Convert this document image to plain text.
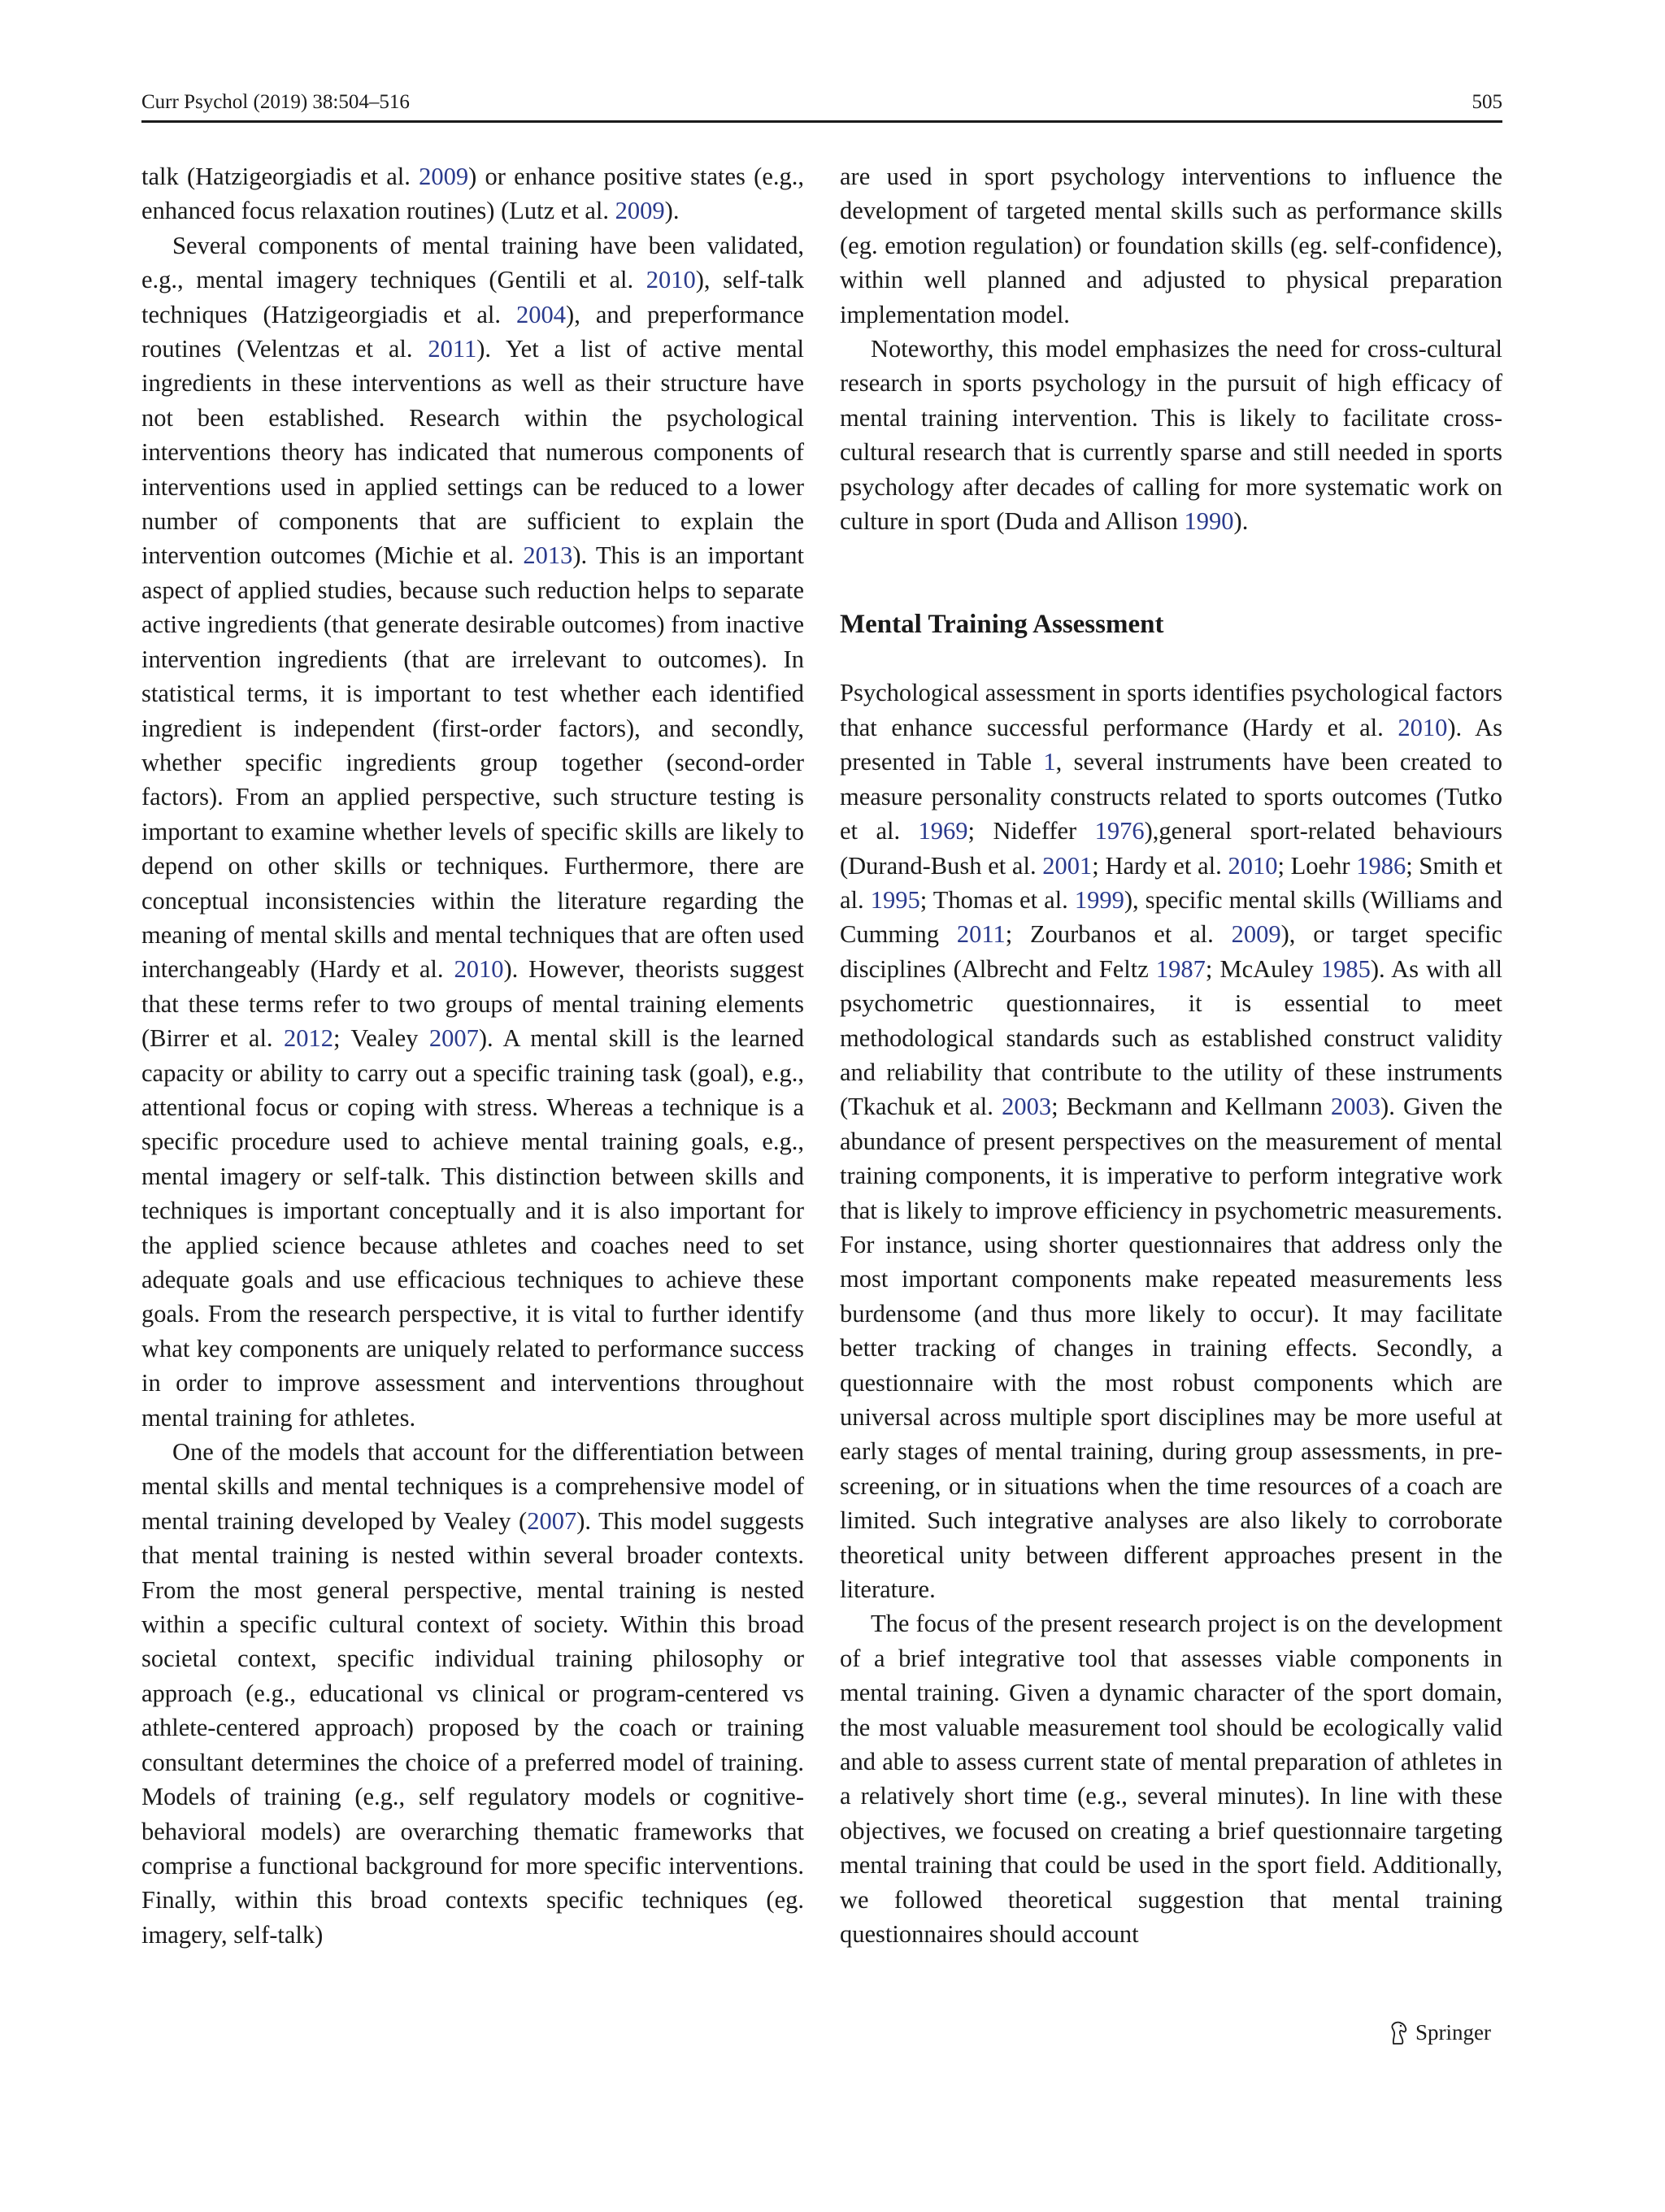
Curr Psychol (2019) 38:504–516	505

talk (Hatzigeorgiadis et al. 2009) or enhance positive states (e.g., enhanced focus relaxation routines) (Lutz et al. 2009).

Several components of mental training have been validated, e.g., mental imagery techniques (Gentili et al. 2010), self-talk techniques (Hatzigeorgiadis et al. 2004), and preperformance routines (Velentzas et al. 2011). Yet a list of active mental ingredients in these interventions as well as their structure have not been established. Research within the psychological interventions theory has indicated that numerous components of interventions used in applied settings can be reduced to a lower number of components that are sufficient to explain the intervention outcomes (Michie et al. 2013). This is an important aspect of applied studies, because such reduction helps to separate active ingredients (that generate desirable outcomes) from inactive intervention ingredients (that are irrelevant to outcomes). In statistical terms, it is important to test whether each identified ingredient is independent (first-order factors), and secondly, whether specific ingredients group together (second-order factors). From an applied perspective, such structure testing is important to examine whether levels of specific skills are likely to depend on other skills or techniques. Furthermore, there are conceptual inconsistencies within the literature regarding the meaning of mental skills and mental techniques that are often used interchangeably (Hardy et al. 2010). However, theorists suggest that these terms refer to two groups of mental training elements (Birrer et al. 2012; Vealey 2007). A mental skill is the learned capacity or ability to carry out a specific training task (goal), e.g., attentional focus or coping with stress. Whereas a technique is a specific procedure used to achieve mental training goals, e.g., mental imagery or self-talk. This distinction between skills and techniques is important conceptually and it is also important for the applied science because athletes and coaches need to set adequate goals and use efficacious techniques to achieve these goals. From the research perspective, it is vital to further identify what key components are uniquely related to performance success in order to improve assessment and interventions throughout mental training for athletes.

One of the models that account for the differentiation between mental skills and mental techniques is a comprehensive model of mental training developed by Vealey (2007). This model suggests that mental training is nested within several broader contexts. From the most general perspective, mental training is nested within a specific cultural context of society. Within this broad societal context, specific individual training philosophy or approach (e.g., educational vs clinical or program-centered vs athlete-centered approach) proposed by the coach or training consultant determines the choice of a preferred model of training. Models of training (e.g., self regulatory models or cognitive-behavioral models) are overarching thematic frameworks that comprise a functional background for more specific interventions. Finally, within this broad contexts specific techniques (eg. imagery, self-talk)

are used in sport psychology interventions to influence the development of targeted mental skills such as performance skills (eg. emotion regulation) or foundation skills (eg. self-confidence), within well planned and adjusted to physical preparation implementation model.

Noteworthy, this model emphasizes the need for cross-cultural research in sports psychology in the pursuit of high efficacy of mental training intervention. This is likely to facilitate cross-cultural research that is currently sparse and still needed in sports psychology after decades of calling for more systematic work on culture in sport (Duda and Allison 1990).

Mental Training Assessment

Psychological assessment in sports identifies psychological factors that enhance successful performance (Hardy et al. 2010). As presented in Table 1, several instruments have been created to measure personality constructs related to sports outcomes (Tutko et al. 1969; Nideffer 1976),general sport-related behaviours (Durand-Bush et al. 2001; Hardy et al. 2010; Loehr 1986; Smith et al. 1995; Thomas et al. 1999), specific mental skills (Williams and Cumming 2011; Zourbanos et al. 2009), or target specific disciplines (Albrecht and Feltz 1987; McAuley 1985). As with all psychometric questionnaires, it is essential to meet methodological standards such as established construct validity and reliability that contribute to the utility of these instruments (Tkachuk et al. 2003; Beckmann and Kellmann 2003). Given the abundance of present perspectives on the measurement of mental training components, it is imperative to perform integrative work that is likely to improve efficiency in psychometric measurements. For instance, using shorter questionnaires that address only the most important components make repeated measurements less burdensome (and thus more likely to occur). It may facilitate better tracking of changes in training effects. Secondly, a questionnaire with the most robust components which are universal across multiple sport disciplines may be more useful at early stages of mental training, during group assessments, in pre-screening, or in situations when the time resources of a coach are limited. Such integrative analyses are also likely to corroborate theoretical unity between different approaches present in the literature.

The focus of the present research project is on the development of a brief integrative tool that assesses viable components in mental training. Given a dynamic character of the sport domain, the most valuable measurement tool should be ecologically valid and able to assess current state of mental preparation of athletes in a relatively short time (e.g., several minutes). In line with these objectives, we focused on creating a brief questionnaire targeting mental training that could be used in the sport field. Additionally, we followed theoretical suggestion that mental training questionnaires should account

Springer
